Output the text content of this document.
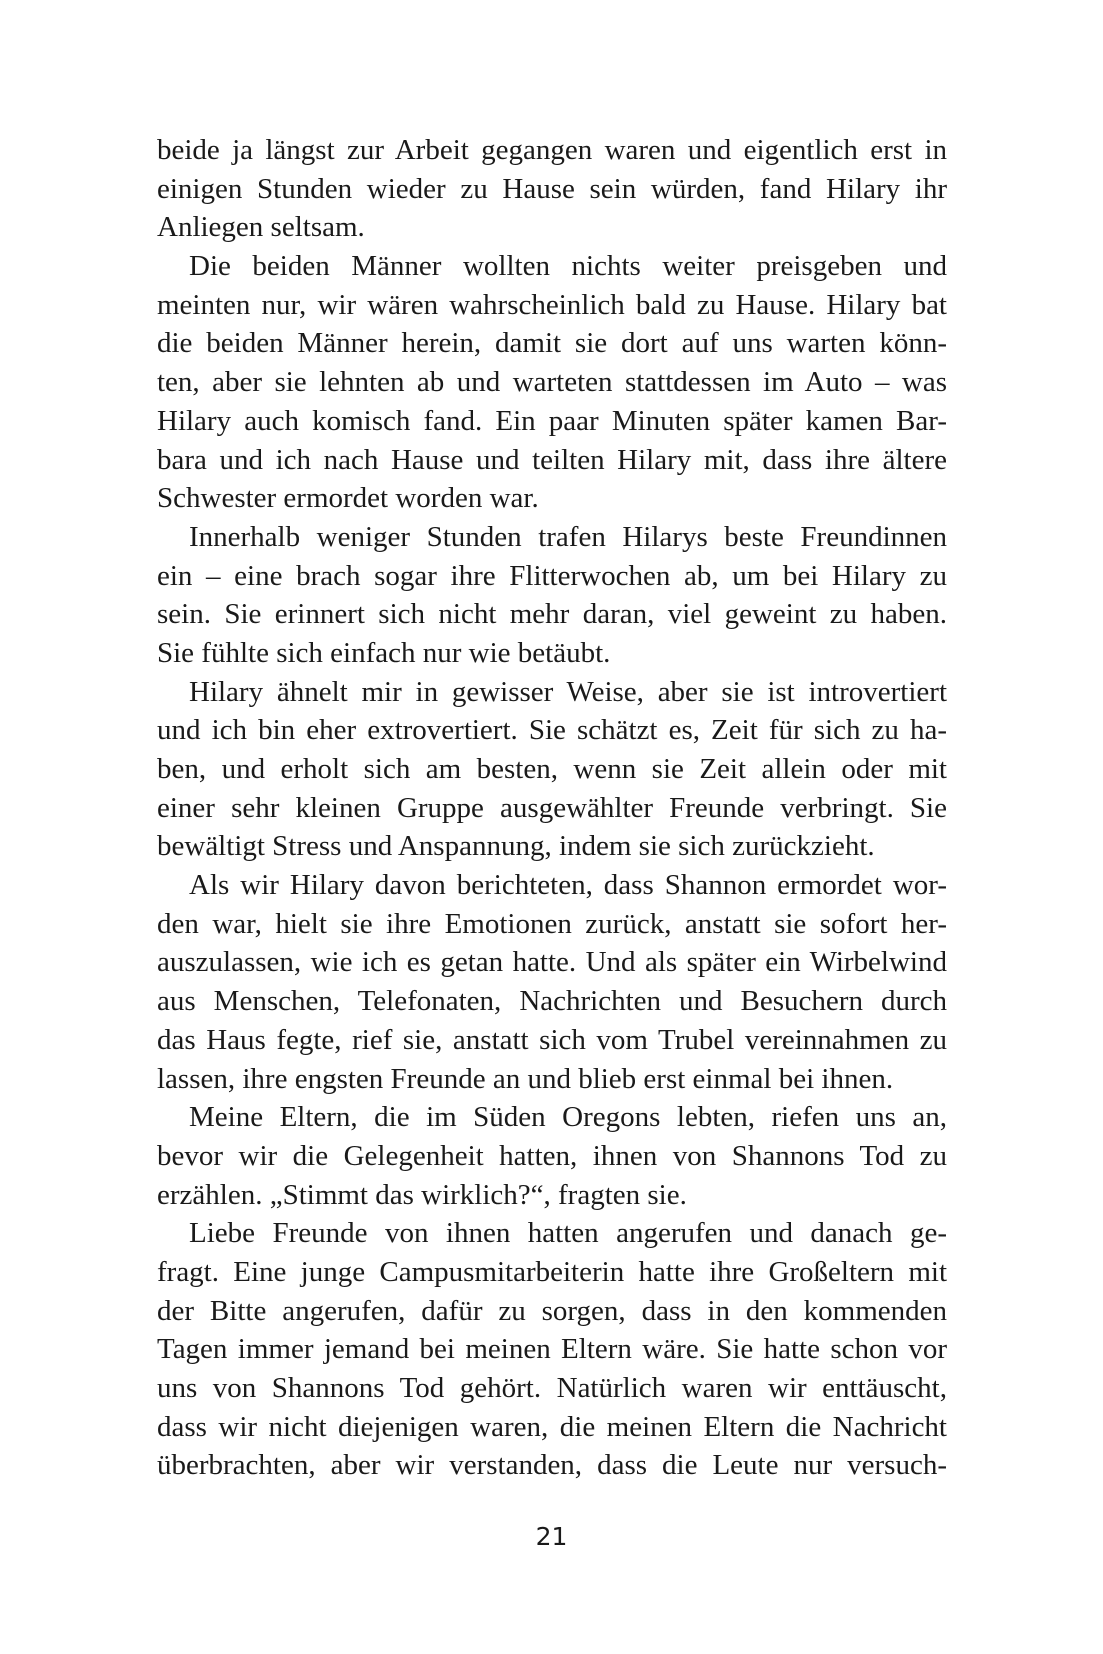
beide ja längst zur Arbeit gegangen waren und eigentlich erst in
einigen Stunden wieder zu Hause sein würden, fand Hilary ihr
Anliegen seltsam.
Die beiden Männer wollten nichts weiter preisgeben und
meinten nur, wir wären wahrscheinlich bald zu Hause. Hilary bat
die beiden Männer herein, damit sie dort auf uns warten könn-
ten, aber sie lehnten ab und warteten stattdessen im Auto – was
Hilary auch komisch fand. Ein paar Minuten später kamen Bar-
bara und ich nach Hause und teilten Hilary mit, dass ihre ältere
Schwester ermordet worden war.
Innerhalb weniger Stunden trafen Hilarys beste Freundinnen
ein – eine brach sogar ihre Flitterwochen ab, um bei Hilary zu
sein. Sie erinnert sich nicht mehr daran, viel geweint zu haben.
Sie fühlte sich einfach nur wie betäubt.
Hilary ähnelt mir in gewisser Weise, aber sie ist introvertiert
und ich bin eher extrovertiert. Sie schätzt es, Zeit für sich zu ha-
ben, und erholt sich am besten, wenn sie Zeit allein oder mit
einer sehr kleinen Gruppe ausgewählter Freunde verbringt. Sie
bewältigt Stress und Anspannung, indem sie sich zurückzieht.
Als wir Hilary davon berichteten, dass Shannon ermordet wor-
den war, hielt sie ihre Emotionen zurück, anstatt sie sofort her-
auszulassen, wie ich es getan hatte. Und als später ein Wirbelwind
aus Menschen, Telefonaten, Nachrichten und Besuchern durch
das Haus fegte, rief sie, anstatt sich vom Trubel vereinnahmen zu
lassen, ihre engsten Freunde an und blieb erst einmal bei ihnen.
Meine Eltern, die im Süden Oregons lebten, riefen uns an,
bevor wir die Gelegenheit hatten, ihnen von Shannons Tod zu
erzählen. „Stimmt das wirklich?“, fragten sie.
Liebe Freunde von ihnen hatten angerufen und danach ge-
fragt. Eine junge Campusmitarbeiterin hatte ihre Großeltern mit
der Bitte angerufen, dafür zu sorgen, dass in den kommenden
Tagen immer jemand bei meinen Eltern wäre. Sie hatte schon vor
uns von Shannons Tod gehört. Natürlich waren wir enttäuscht,
dass wir nicht diejenigen waren, die meinen Eltern die Nachricht
überbrachten, aber wir verstanden, dass die Leute nur versuch-
21
